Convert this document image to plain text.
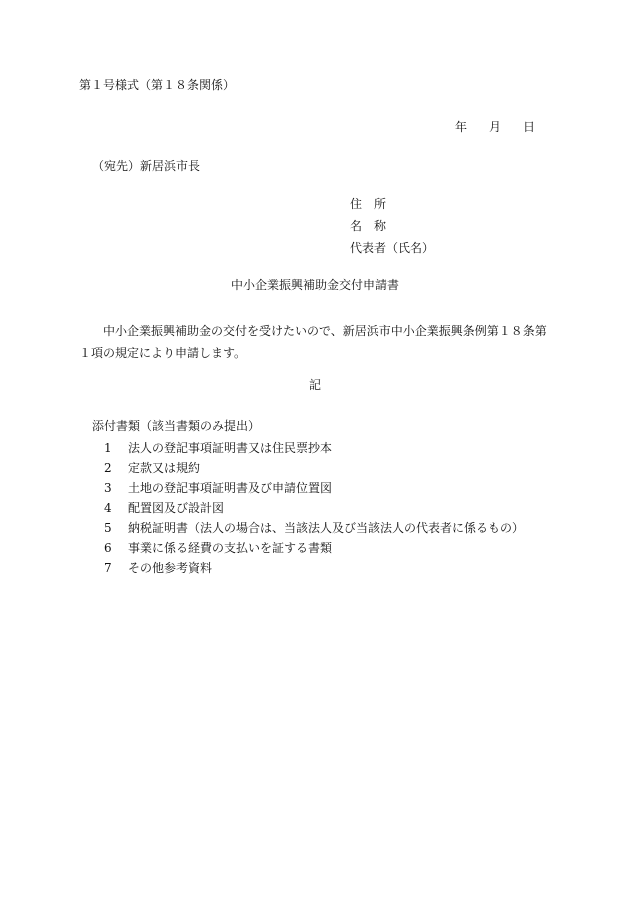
第１号様式（第１８条関係）
年 月 日
（宛先）新居浜市長
住　所
名　称
代表者（氏名）
中小企業振興補助金交付申請書
中小企業振興補助金の交付を受けたいので、新居浜市中小企業振興条例第１８条第１項の規定により申請します。
記
添付書類（該当書類のみ提出）
1 法人の登記事項証明書又は住民票抄本
2 定款又は規約
3 土地の登記事項証明書及び申請位置図
4 配置図及び設計図
5 納税証明書（法人の場合は、当該法人及び当該法人の代表者に係るもの）
6 事業に係る経費の支払いを証する書類
7 その他参考資料
